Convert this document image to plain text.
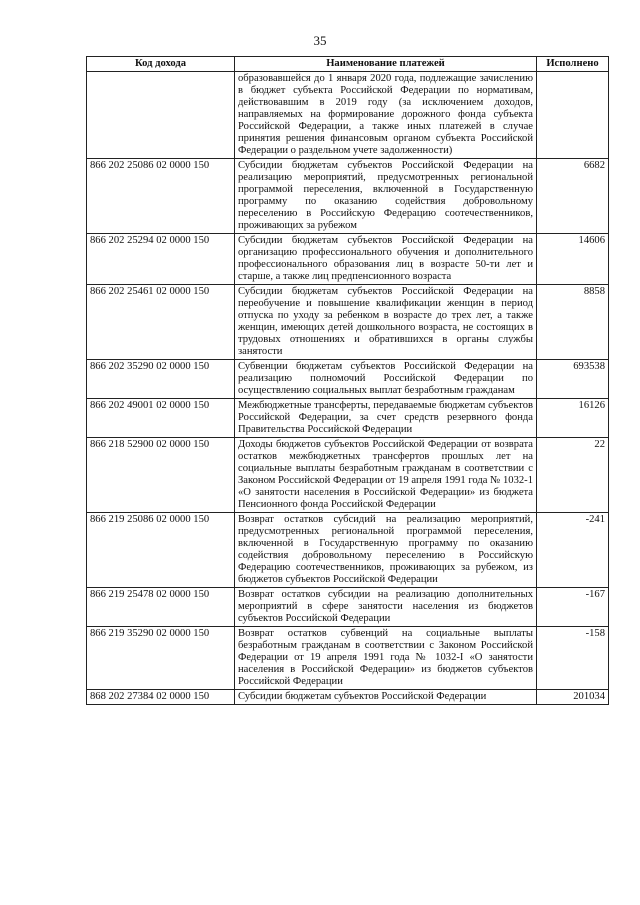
35
Код дохода	Наименование платежей	Исполнено
	образовавшейся до 1 января 2020 года, подлежащие зачислению в бюджет субъекта Российской Федерации по нормативам, действовавшим в 2019 году (за исключением доходов, направляемых на формирование дорожного фонда субъекта Российской Федерации, а также иных платежей в случае принятия решения финансовым органом субъекта Российской Федерации о раздельном учете задолженности)	
866 202 25086 02 0000 150	Субсидии бюджетам субъектов Российской Федерации на реализацию мероприятий, предусмотренных региональной программой переселения, включенной в Государственную программу по оказанию содействия добровольному переселению в Российскую Федерацию соотечественников, проживающих за рубежом	6682
866 202 25294 02 0000 150	Субсидии бюджетам субъектов Российской Федерации на организацию профессионального обучения и дополнительного профессионального образования лиц в возрасте 50-ти лет и старше, а также лиц предпенсионного возраста	14606
866 202 25461 02 0000 150	Субсидии бюджетам субъектов Российской Федерации на переобучение и повышение квалификации женщин в период отпуска по уходу за ребенком в возрасте до трех лет, а также женщин, имеющих детей дошкольного возраста, не состоящих в трудовых отношениях и обратившихся в органы службы занятости	8858
866 202 35290 02 0000 150	Субвенции бюджетам субъектов Российской Федерации на реализацию полномочий Российской Федерации по осуществлению социальных выплат безработным гражданам	693538
866 202 49001 02 0000 150	Межбюджетные трансферты, передаваемые бюджетам субъектов Российской Федерации, за счет средств резервного фонда Правительства Российской Федерации	16126
866 218 52900 02 0000 150	Доходы бюджетов субъектов Российской Федерации от возврата остатков межбюджетных трансфертов прошлых лет на социальные выплаты безработным гражданам в соответствии с Законом Российской Федерации от 19 апреля 1991 года № 1032-1 «О занятости населения в Российской Федерации» из бюджета Пенсионного фонда Российской Федерации	22
866 219 25086 02 0000 150	Возврат остатков субсидий на реализацию мероприятий, предусмотренных региональной программой переселения, включенной в Государственную программу по оказанию содействия добровольному переселению в Российскую Федерацию соотечественников, проживающих за рубежом, из бюджетов субъектов Российской Федерации	-241
866 219 25478 02 0000 150	Возврат остатков субсидии на реализацию дополнительных мероприятий в сфере занятости населения из бюджетов субъектов Российской Федерации	-167
866 219 35290 02 0000 150	Возврат остатков субвенций на социальные выплаты безработным гражданам в соответствии с Законом Российской Федерации от 19 апреля 1991 года № 1032-I «О занятости населения в Российской Федерации» из бюджетов субъектов Российской Федерации	-158
868 202 27384 02 0000 150	Субсидии бюджетам субъектов Российской Федерации	201034
